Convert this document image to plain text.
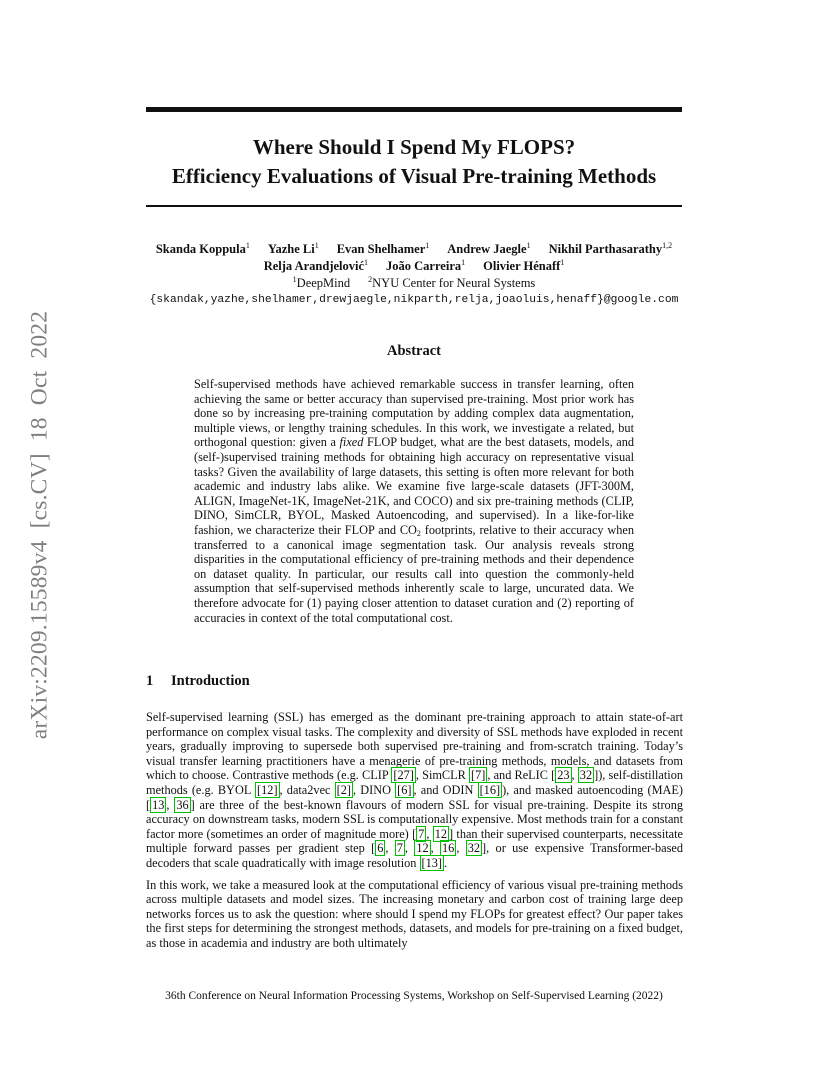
arXiv:2209.15589v4 [cs.CV] 18 Oct 2022
Where Should I Spend My FLOPS?
Efficiency Evaluations of Visual Pre-training Methods
Skanda Koppula$^1$ Yazhe Li$^1$ Evan Shelhamer$^1$ Andrew Jaegle$^1$ Nikhil Parthasarathy$^{1,2}$
Relja Arandjelović$^1$ João Carreira$^1$ Olivier Hénaff$^1$
$^1$DeepMind $^2$NYU Center for Neural Systems
{skandak,yazhe,shelhamer,drewjaegle,nikparth,relja,joaoluis,henaff}@google.com
Abstract

Self-supervised methods have achieved remarkable success in transfer learning, often achieving the same or better accuracy than supervised pre-training. Most prior work has done so by increasing pre-training computation by adding complex data augmentation, multiple views, or lengthy training schedules. In this work, we investigate a related, but orthogonal question: given a fixed FLOP budget, what are the best datasets, models, and (self-)supervised training methods for obtaining high accuracy on representative visual tasks? Given the availability of large datasets, this setting is often more relevant for both academic and industry labs alike. We examine five large-scale datasets (JFT-300M, ALIGN, ImageNet-1K, ImageNet-21K, and COCO) and six pre-training methods (CLIP, DINO, SimCLR, BYOL, Masked Autoencoding, and supervised). In a like-for-like fashion, we characterize their FLOP and $CO_2$ footprints, relative to their accuracy when transferred to a canonical image segmentation task. Our analysis reveals strong disparities in the computational efficiency of pre-training methods and their dependence on dataset quality. In particular, our results call into question the commonly-held assumption that self-supervised methods inherently scale to large, uncurated data. We therefore advocate for (1) paying closer attention to dataset curation and (2) reporting of accuracies in context of the total computational cost.

1 Introduction

Self-supervised learning (SSL) has emerged as the dominant pre-training approach to attain state-of-art performance on complex visual tasks. The complexity and diversity of SSL methods have exploded in recent years, gradually improving to supersede both supervised pre-training and from-scratch training. Today’s visual transfer learning practitioners have a menagerie of pre-training methods, models, and datasets from which to choose. Contrastive methods (e.g. CLIP [27] , SimCLR [7] , and ReLIC [ 23 , 32 ]), self-distillation methods (e.g. BYOL [12] , data2vec [2] , DINO [6] , and ODIN [16] ), and masked autoencoding (MAE) [ 13 , 36 ] are three of the best-known flavours of modern SSL for visual pre-training. Despite its strong accuracy on downstream tasks, modern SSL is computationally expensive. Most methods train for a constant factor more (sometimes an order of magnitude more) [ 7 , 12 ] than their supervised counterparts, necessitate multiple forward passes per gradient step [ 6 , 7 , 12 , 16 , 32 ], or use expensive Transformer-based decoders that scale quadratically with image resolution [13] .

In this work, we take a measured look at the computational efficiency of various visual pre-training methods across multiple datasets and model sizes. The increasing monetary and carbon cost of training large deep networks forces us to ask the question: where should I spend my FLOPs for greatest effect? Our paper takes the first steps for determining the strongest methods, datasets, and models for pre-training on a fixed budget, as those in academia and industry are both ultimately

36th Conference on Neural Information Processing Systems, Workshop on Self-Supervised Learning (2022)
